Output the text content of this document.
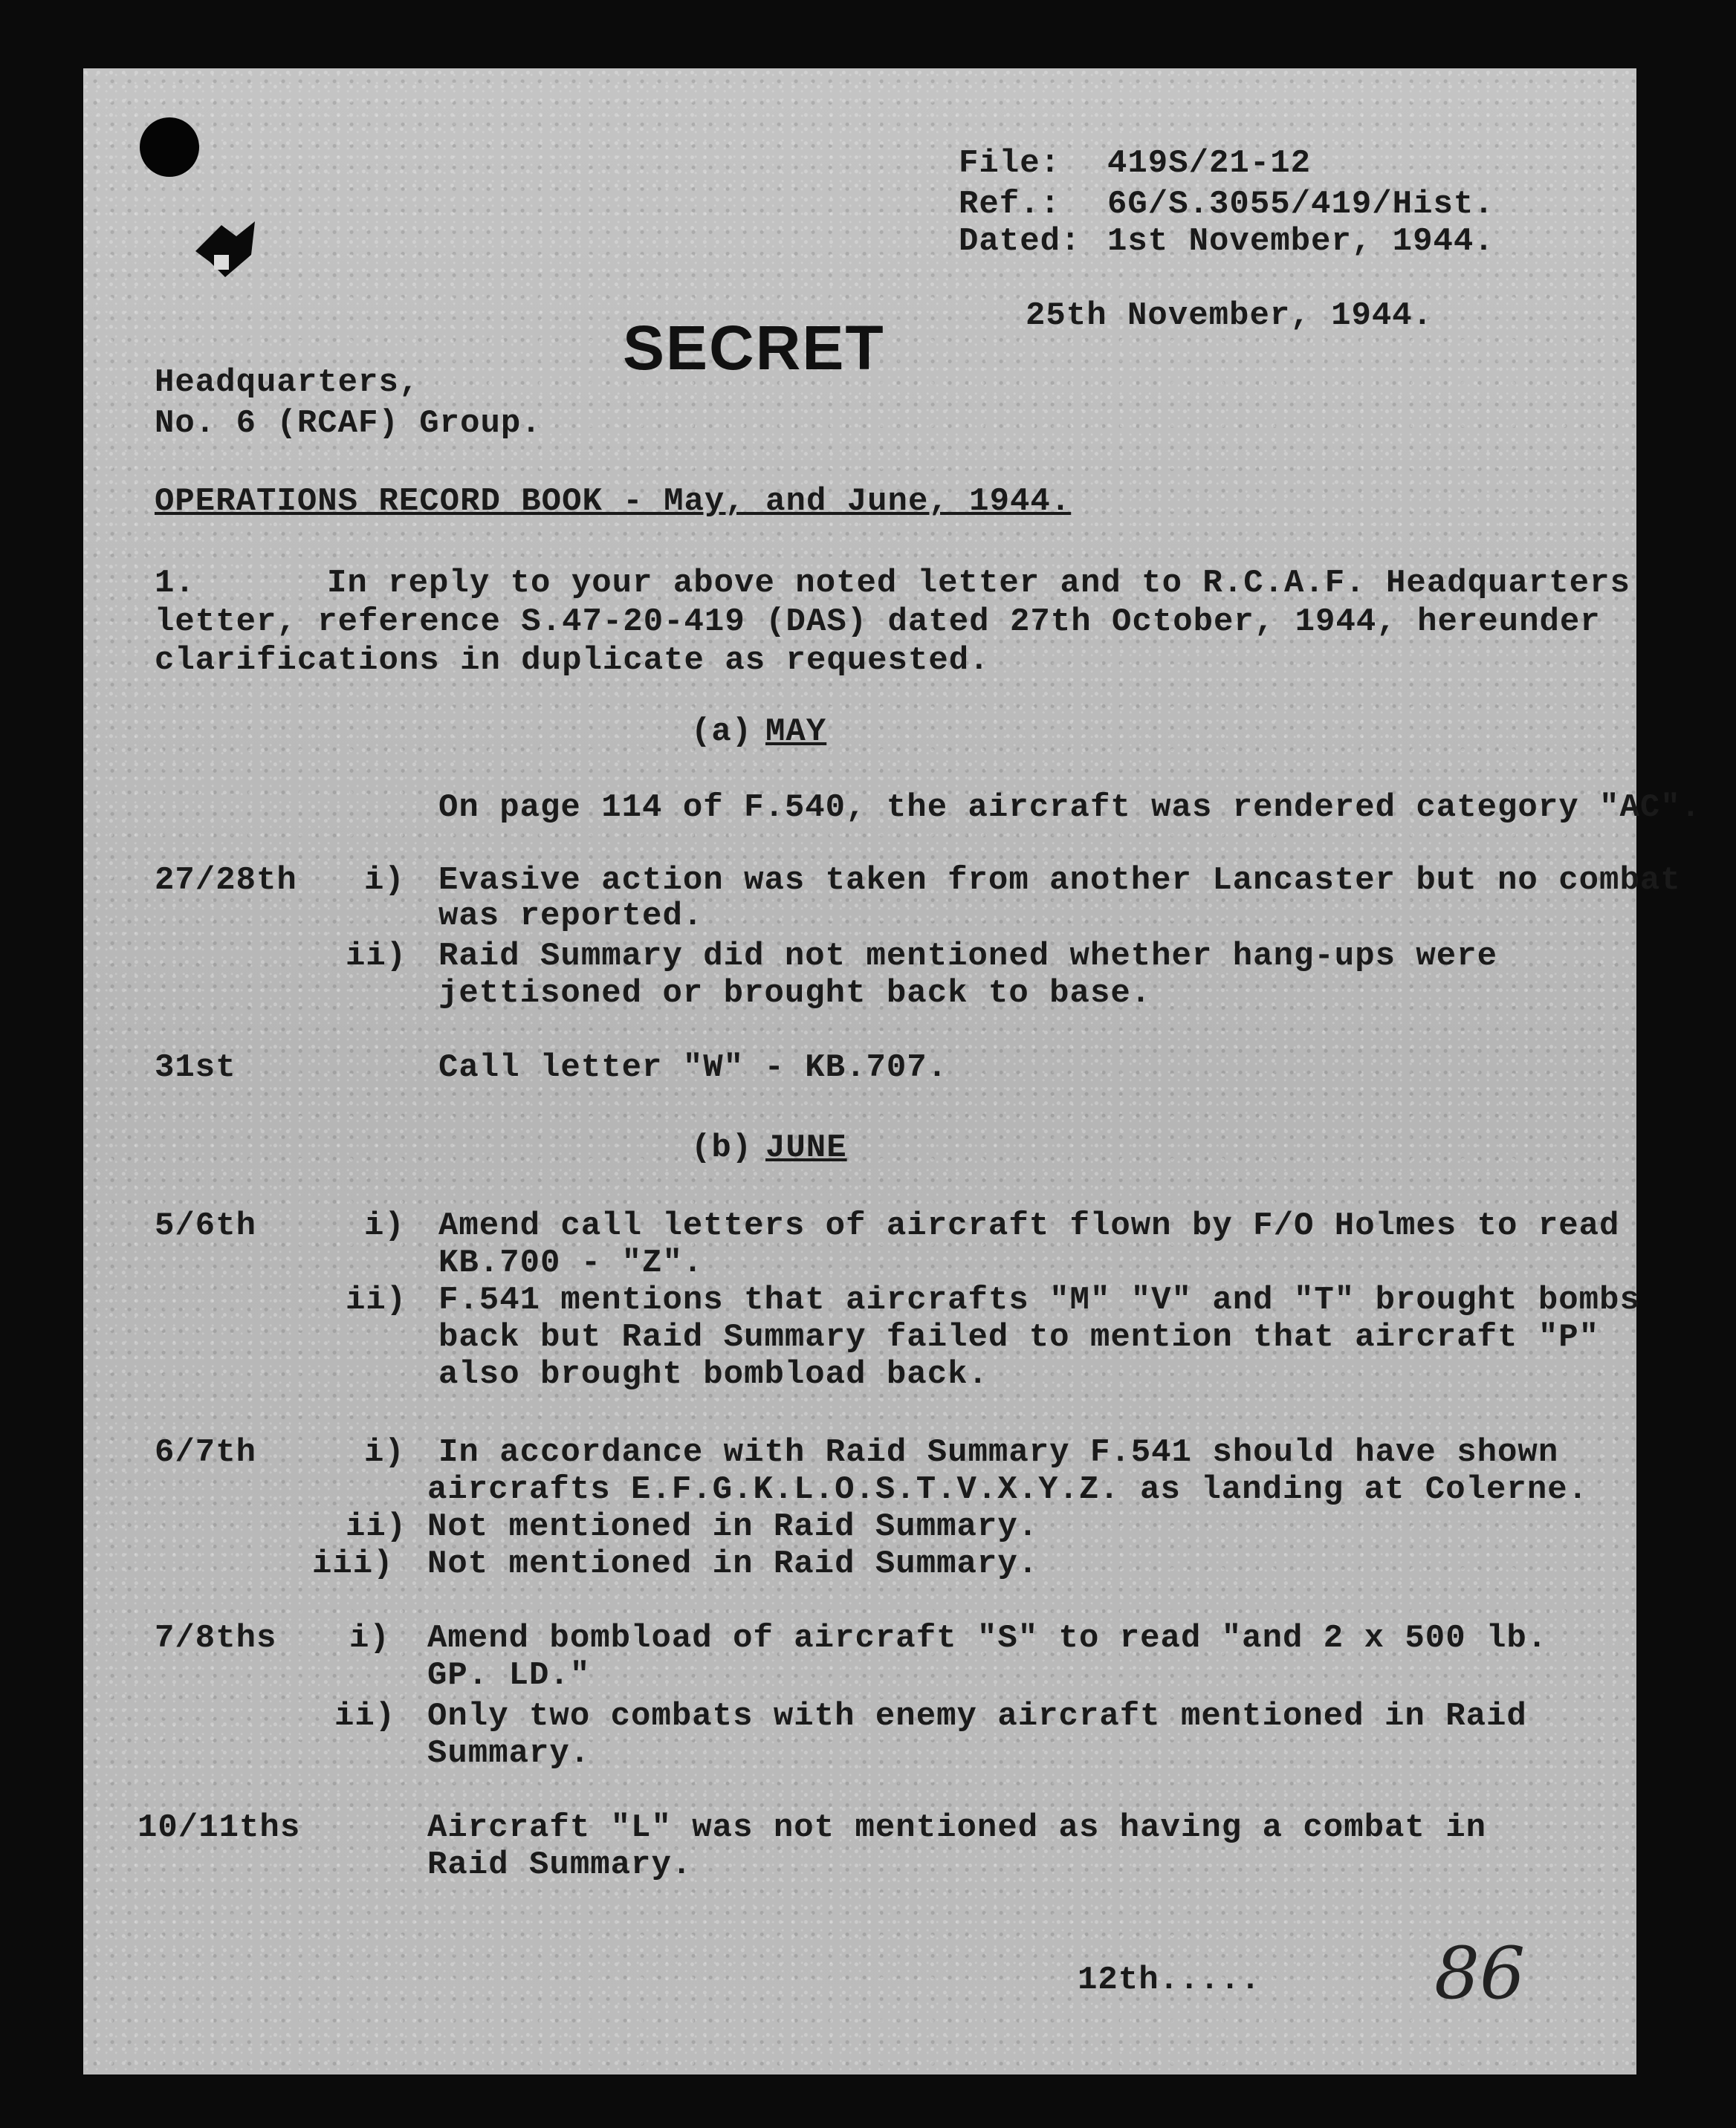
File: 419S/21-12
Ref.: 6G/S.3055/419/Hist.
Dated: 1st November, 1944.
SECRET	25th November, 1944.
Headquarters,
No. 6 (RCAF) Group.
OPERATIONS RECORD BOOK - May, and June, 1944.
1.	In reply to your above noted letter and to R.C.A.F. Headquarters
letter, reference S.47-20-419 (DAS) dated 27th October, 1944, hereunder
clarifications in duplicate as requested.
(a) MAY
On page 114 of F.540, the aircraft was rendered category "AC".
27/28th i) Evasive action was taken from another Lancaster but no combat
was reported.
ii) Raid Summary did not mentioned whether hang-ups were
jettisoned or brought back to base.
31st	Call letter "W" - KB.707.
(b) JUNE
5/6th	i) Amend call letters of aircraft flown by F/O Holmes to read
KB.700 - "Z".
ii) F.541 mentions that aircrafts "M" "V" and "T" brought bombs
back but Raid Summary failed to mention that aircraft "P"
also brought bombload back.
6/7th	i) In accordance with Raid Summary F.541 should have shown
aircrafts E.F.G.K.L.O.S.T.V.X.Y.Z. as landing at Colerne.
ii) Not mentioned in Raid Summary.
iii) Not mentioned in Raid Summary.
7/8ths i) Amend bombload of aircraft "S" to read "and 2 x 500 lb.
GP. LD."
ii) Only two combats with enemy aircraft mentioned in Raid
Summary.
10/11ths	Aircraft "L" was not mentioned as having a combat in
Raid Summary.
12th..... 86
